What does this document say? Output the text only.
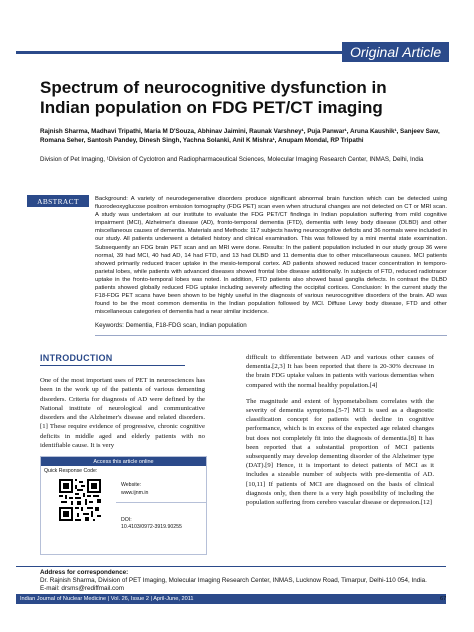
Original Article
Spectrum of neurocognitive dysfunction in Indian population on FDG PET/CT imaging
Rajnish Sharma, Madhavi Tripathi, Maria M D'Souza, Abhinav Jaimini, Raunak Varshney¹, Puja Panwar¹, Aruna Kaushik¹, Sanjeev Saw, Romana Seher, Santosh Pandey, Dinesh Singh, Yachna Solanki, Anil K Mishra¹, Anupam Mondal, RP Tripathi
Division of Pet Imaging, ¹Division of Cyclotron and Radiopharmaceutical Sciences, Molecular Imaging Research Center, INMAS, Delhi, India
ABSTRACT	Background: A variety of neurodegenerative disorders produce significant abnormal brain function which can be detected using fluorodeoxyglucose positron emission tomography (FDG PET) scan even when structural changes are not detected on CT or MRI scan. A study was undertaken at our institute to evaluate the FDG PET/CT findings in Indian population suffering from mild cognitive impairment (MCI), Alzheimer's disease (AD), fronto-temporal dementia (FTD), dementia with lewy body disease (DLBD) and other miscellaneous causes of dementia. Materials and Methods: 117 subjects having neurocognitive deficits and 36 normals were included in our study. All patients underwent a detailed history and clinical examination. This was followed by a mini mental state examination. Subsequently an FDG brain PET scan and an MRI were done. Results: In the patient population included in our study group 36 were normal, 39 had MCI, 40 had AD, 14 had FTD, and 13 had DLBD and 11 dementia due to other miscellaneous causes. MCI patients showed primarily reduced tracer uptake in the mesio-temporal cortex. AD patients showed reduced tracer concentration in temporo-parietal lobes, while patients with advanced diseases showed frontal lobe disease additionally. In subjects of FTD, reduced radiotracer uptake in the fronto-temporal lobes was noted. In addition, FTD patients also showed basal ganglia defects. In contrast the DLBD patients showed globally reduced FDG uptake including severely affecting the occipital cortices. Conclusion: In the current study the F18-FDG PET scans have been shown to be highly useful in the diagnosis of various neurocognitive disorders of the brain. AD was found to be the most common dementia in the Indian population followed by MCI. Diffuse Lewy body disease, FTD and other miscellaneous categories of dementia had a near similar incidence.
Keywords: Dementia, F18-FDG scan, Indian population
INTRODUCTION
One of the most important uses of PET in neurosciences has been in the work up of the patients of various dementing disorders. Criteria for diagnosis of AD were defined by the National institute of neurological and communicative disorders and the Alzheimer's disease and related disorders.[1] These require evidence of progressive, chronic cognitive deficits in middle aged and elderly patients with no identifiable cause. It is very
Access this article online
Quick Response Code:
Website:
www.ijnm.in
DOI:
10.4103/0972-3919.90255

difficult to differentiate between AD and various other causes of dementia.[2,3] It has been reported that there is 20-30% decrease in the brain FDG uptake values in patients with various dementias when compared with the normal healthy population.[4]

The magnitude and extent of hypometabolism correlates with the severity of dementia symptoms.[5-7] MCI is used as a diagnostic classification concept for patients with decline in cognitive performance, which is in excess of the expected age related changes but does not completely fit into the diagnosis of dementia.[8] It has been reported that a substantial proportion of MCI patients subsequently may develop dementing disorder of the Alzheimer type (DAT).[9] Hence, it is important to detect patients of MCI as it includes a sizeable number of subjects with pre-dementia of AD.[10,11] If patients of MCI are diagnosed on the basis of clinical diagnosis only, then there is a very high possibility of including the population suffering from cerebro vascular disease or depression.[12]

Address for correspondence:
Dr. Rajnish Sharma, Division of PET Imaging, Molecular Imaging Research Center, INMAS, Lucknow Road, Timarpur, Delhi-110 054, India.
E-mail: drsms@rediffmail.com
Indian Journal of Nuclear Medicine | Vol. 26, Issue 2 | April-June, 2011	67
